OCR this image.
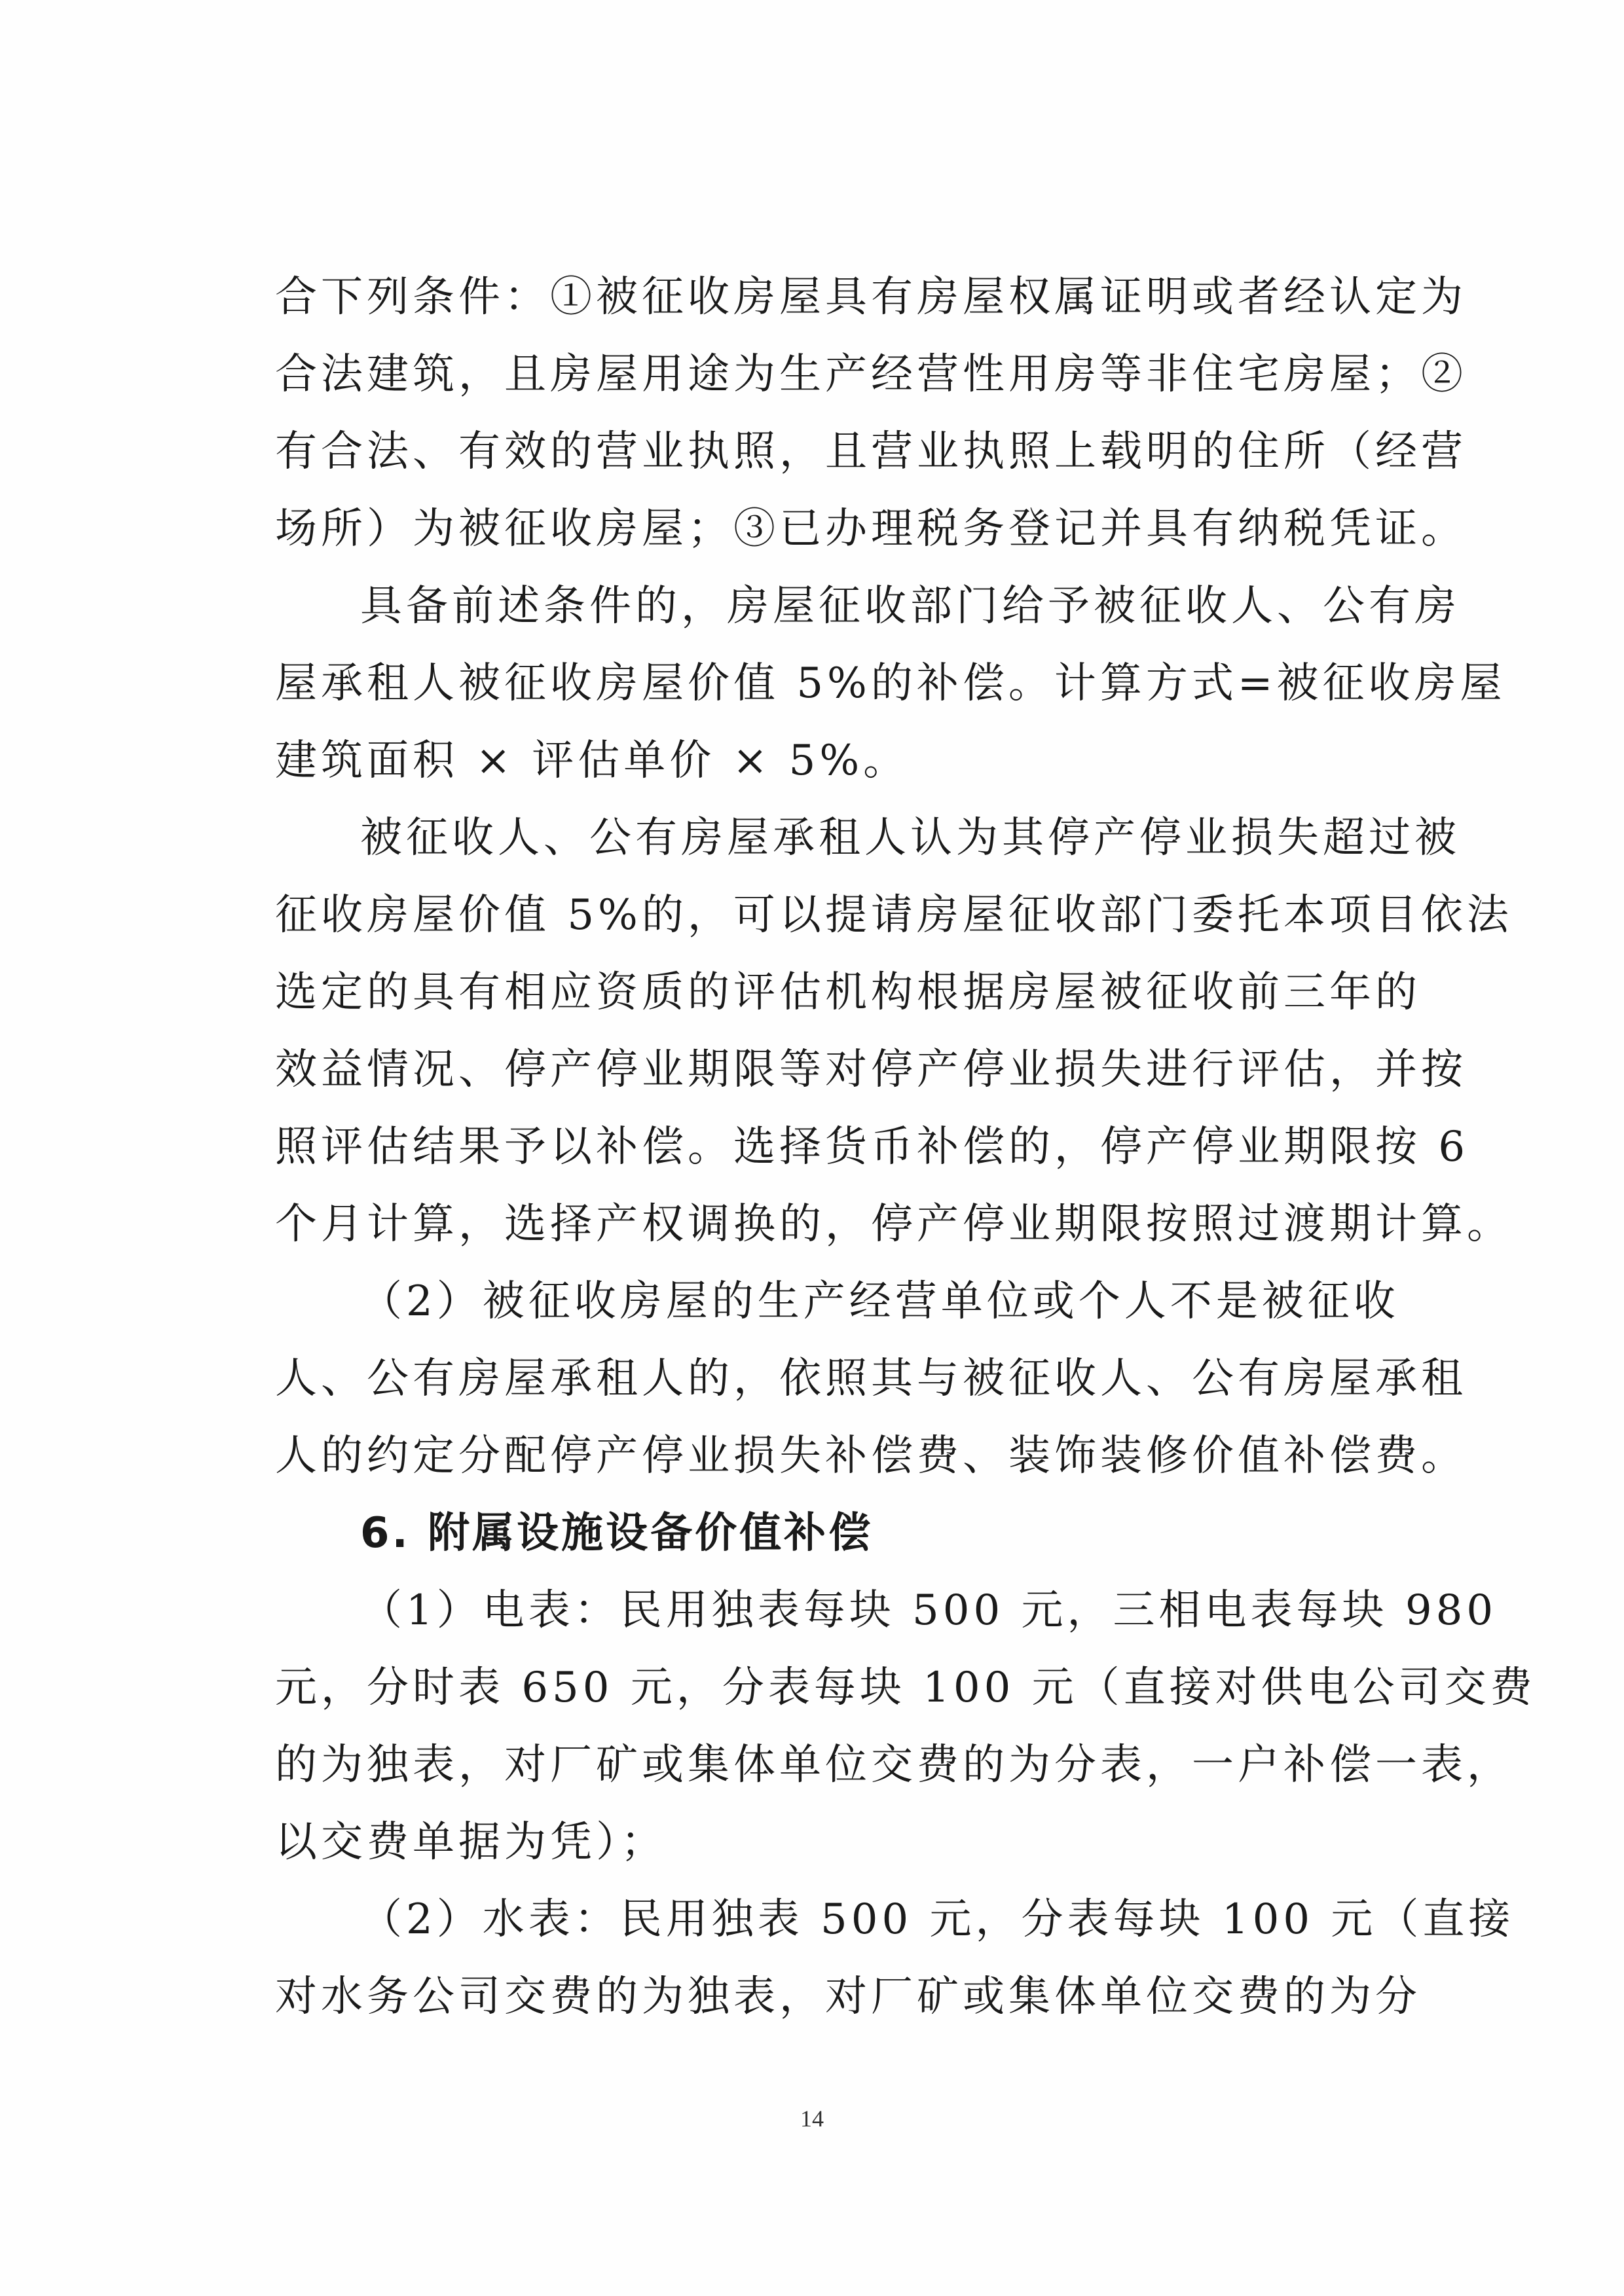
合下列条件：①被征收房屋具有房屋权属证明或者经认定为
合法建筑，且房屋用途为生产经营性用房等非住宅房屋；②
有合法、有效的营业执照，且营业执照上载明的住所（经营
场所）为被征收房屋；③已办理税务登记并具有纳税凭证。
具备前述条件的，房屋征收部门给予被征收人、公有房
屋承租人被征收房屋价值 5%的补偿。计算方式=被征收房屋
建筑面积 × 评估单价 × 5%。
被征收人、公有房屋承租人认为其停产停业损失超过被
征收房屋价值 5%的，可以提请房屋征收部门委托本项目依法
选定的具有相应资质的评估机构根据房屋被征收前三年的
效益情况、停产停业期限等对停产停业损失进行评估，并按
照评估结果予以补偿。选择货币补偿的，停产停业期限按 6
个月计算，选择产权调换的，停产停业期限按照过渡期计算。
（2）被征收房屋的生产经营单位或个人不是被征收
人、公有房屋承租人的，依照其与被征收人、公有房屋承租
人的约定分配停产停业损失补偿费、装饰装修价值补偿费。
6. 附属设施设备价值补偿
（1）电表：民用独表每块 500 元，三相电表每块 980
元，分时表 650 元，分表每块 100 元（直接对供电公司交费
的为独表，对厂矿或集体单位交费的为分表，一户补偿一表，
以交费单据为凭）；
（2）水表：民用独表 500 元，分表每块 100 元（直接
对水务公司交费的为独表，对厂矿或集体单位交费的为分
14
